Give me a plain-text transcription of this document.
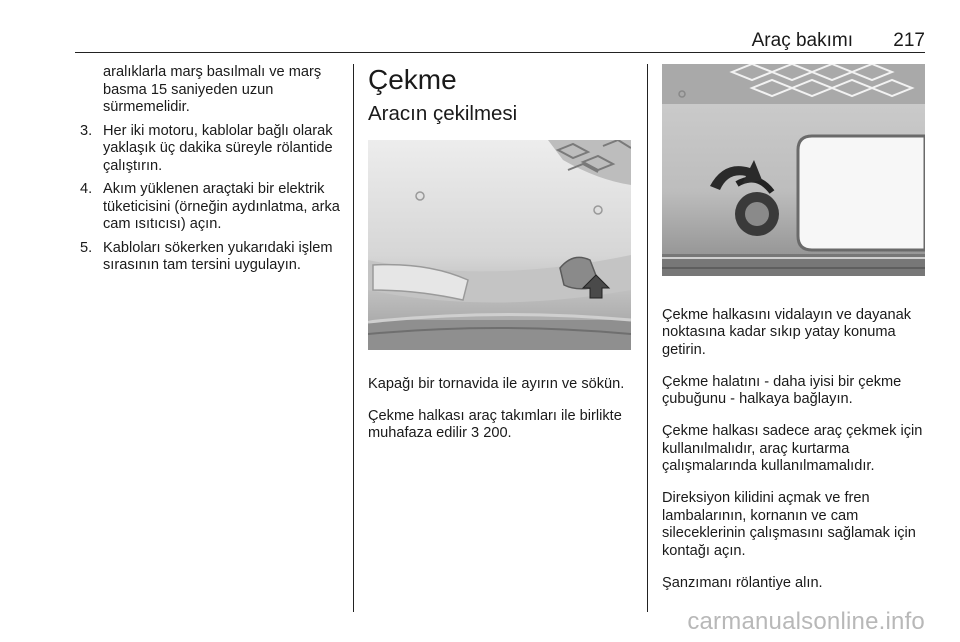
Araç bakımı 217
aralıklarla marş basılmalı ve marş basma 15 saniyeden uzun sürmemelidir.
3. Her iki motoru, kablolar bağlı olarak yaklaşık üç dakika süreyle rölantide çalıştırın.
4. Akım yüklenen araçtaki bir elektrik tüketicisini (örneğin aydınlatma, arka cam ısıtıcısı) açın.
5. Kabloları sökerken yukarıdaki işlem sırasının tam tersini uygulayın.
Çekme
Aracın çekilmesi

Kapağı bir tornavida ile ayırın ve sökün.

Çekme halkası araç takımları ile birlikte muhafaza edilir 3 200.

Çekme halkasını vidalayın ve dayanak noktasına kadar sıkıp yatay konuma getirin.

Çekme halatını - daha iyisi bir çekme çubuğunu - halkaya bağlayın.

Çekme halkası sadece araç çekmek için kullanılmalıdır, araç kurtarma çalışmalarında kullanılmamalıdır.

Direksiyon kilidini açmak ve fren lambalarının, kornanın ve cam sileceklerinin çalışmasını sağlamak için kontağı açın.

Şanzımanı rölantiye alın.

carmanualsonline.info
